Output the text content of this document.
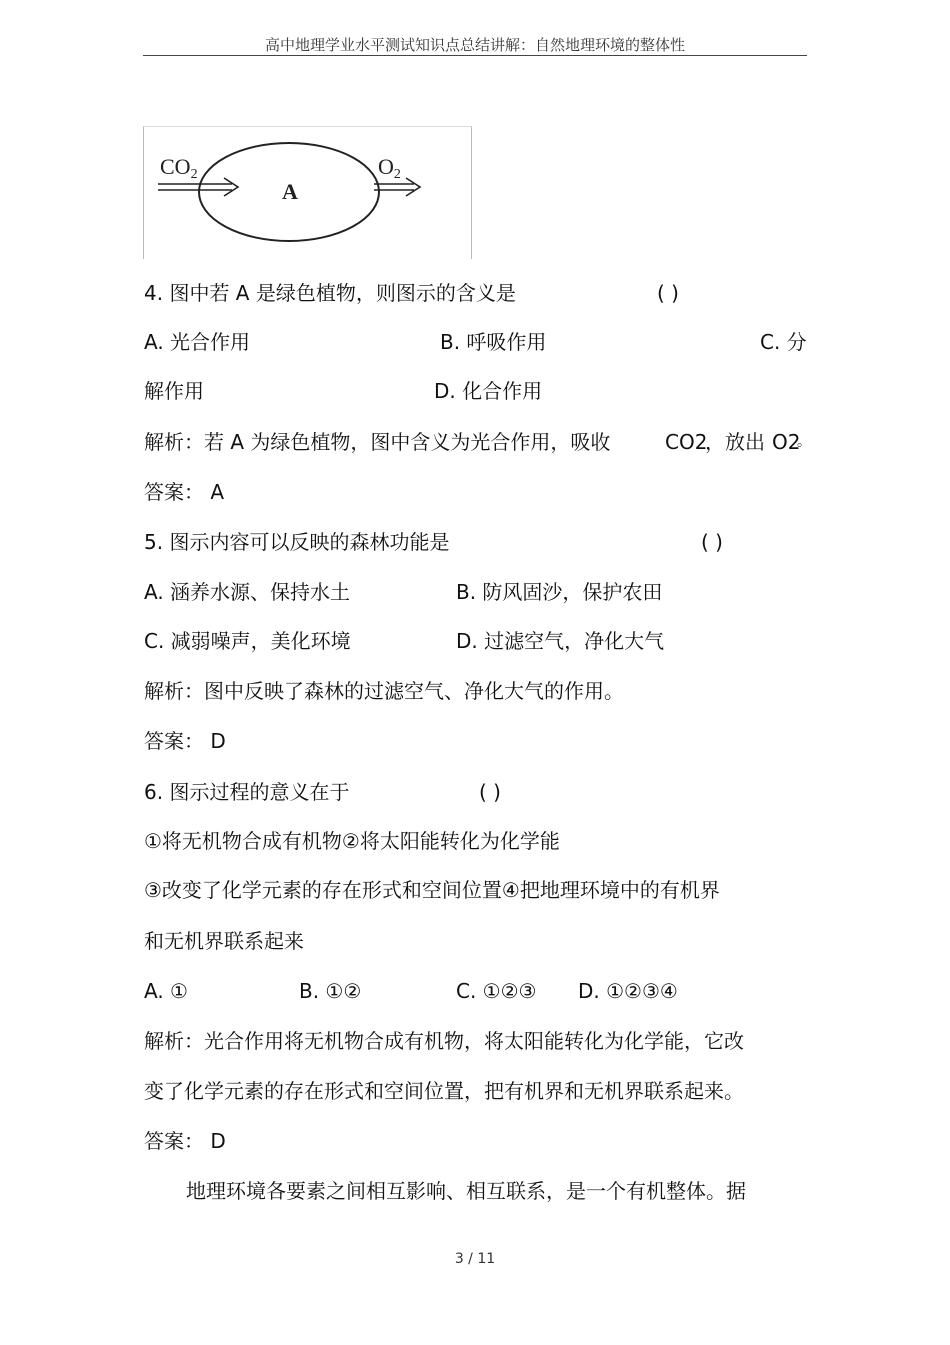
高中地理学业水平测试知识点总结讲解：自然地理环境的整体性
CO2
A
O2
4. 图中若 A 是绿色植物，则图示的含义是	( )
A. 光合作用	B. 呼吸作用	C. 分
解作用	D. 化合作用
解析：若 A 为绿色植物，图中含义为光合作用，吸收	CO2
，放出 O2
。
答案： A
5. 图示内容可以反映的森林功能是	( )
A. 涵养水源、保持水土	B. 防风固沙，保护农田
C. 减弱噪声，美化环境	D. 过滤空气，净化大气
解析：图中反映了森林的过滤空气、净化大气的作用。
答案： D
6. 图示过程的意义在于	( )
①将无机物合成有机物②将太阳能转化为化学能
③改变了化学元素的存在形式和空间位置④把地理环境中的有机界
和无机界联系起来
A. ①	B. ①②	C. ①②③ D. ①②③④
解析：光合作用将无机物合成有机物，将太阳能转化为化学能，它改
变了化学元素的存在形式和空间位置，把有机界和无机界联系起来。
答案： D
地理环境各要素之间相互影响、相互联系，是一个有机整体。据
3 / 11
